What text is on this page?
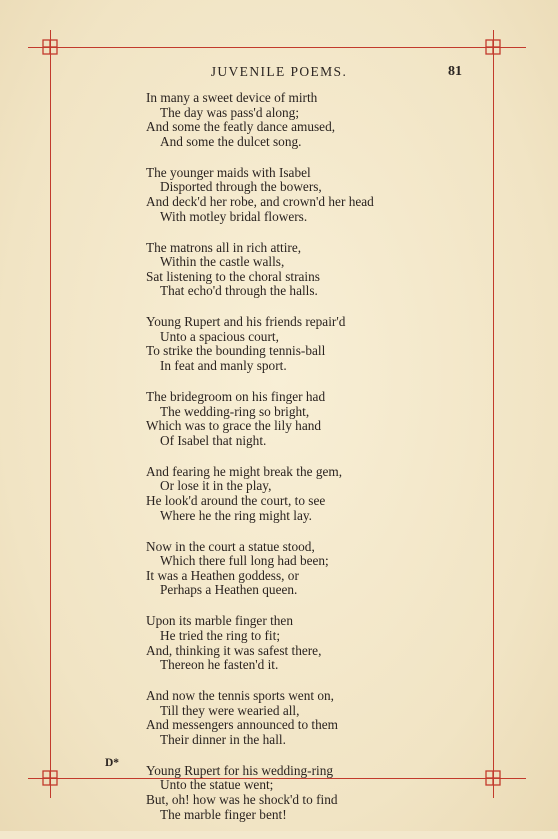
JUVENILE POEMS.	81
In many a sweet device of mirth
The day was pass'd along;
And some the featly dance amused,
And some the dulcet song.
The younger maids with Isabel
Disported through the bowers,
And deck'd her robe, and crown'd her head
With motley bridal flowers.
The matrons all in rich attire,
Within the castle walls,
Sat listening to the choral strains
That echo'd through the halls.
Young Rupert and his friends repair'd
Unto a spacious court,
To strike the bounding tennis-ball
In feat and manly sport.
The bridegroom on his finger had
The wedding-ring so bright,
Which was to grace the lily hand
Of Isabel that night.
And fearing he might break the gem,
Or lose it in the play,
He look'd around the court, to see
Where he the ring might lay.
Now in the court a statue stood,
Which there full long had been;
It was a Heathen goddess, or
Perhaps a Heathen queen.
Upon its marble finger then
He tried the ring to fit;
And, thinking it was safest there,
Thereon he fasten'd it.
And now the tennis sports went on,
Till they were wearied all,
And messengers announced to them
Their dinner in the hall.
Young Rupert for his wedding-ring
Unto the statue went;
But, oh! how was he shock'd to find
The marble finger bent!
D*
